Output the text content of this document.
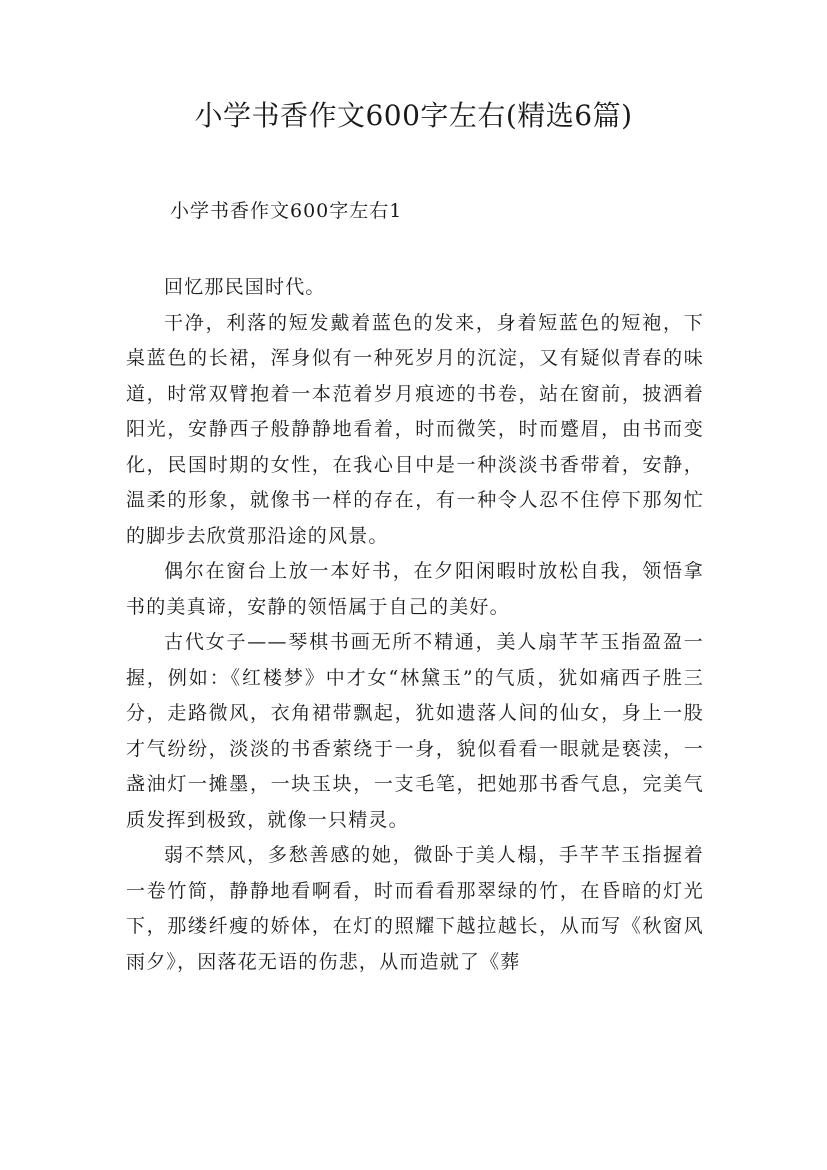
小学书香作文600字左右(精选6篇)
小学书香作文600字左右1

回忆那民国时代。

干净，利落的短发戴着蓝色的发来，身着短蓝色的短袍，下桌蓝色的长裙，浑身似有一种死岁月的沉淀，又有疑似青春的味道，时常双臂抱着一本范着岁月痕迹的书卷，站在窗前，披洒着阳光，安静西子般静静地看着，时而微笑，时而蹙眉，由书而变化，民国时期的女性，在我心目中是一种淡淡书香带着，安静，温柔的形象，就像书一样的存在，有一种令人忍不住停下那匆忙的脚步去欣赏那沿途的风景。

偶尔在窗台上放一本好书，在夕阳闲暇时放松自我，领悟拿书的美真谛，安静的领悟属于自己的美好。

古代女子——琴棋书画无所不精通，美人扇芊芊玉指盈盈一握，例如：《红楼梦》中才女“林黛玉”的气质，犹如痛西子胜三分，走路微风，衣角裙带飘起，犹如遗落人间的仙女，身上一股才气纷纷，淡淡的书香萦绕于一身，貌似看看一眼就是亵渎，一盏油灯一摊墨，一块玉块，一支毛笔，把她那书香气息，完美气质发挥到极致，就像一只精灵。

弱不禁风，多愁善感的她，微卧于美人榻，手芊芊玉指握着一卷竹简，静静地看啊看，时而看看那翠绿的竹，在昏暗的灯光下，那缕纤瘦的娇体，在灯的照耀下越拉越长，从而写《秋窗风雨夕》，因落花无语的伤悲，从而造就了《葬
